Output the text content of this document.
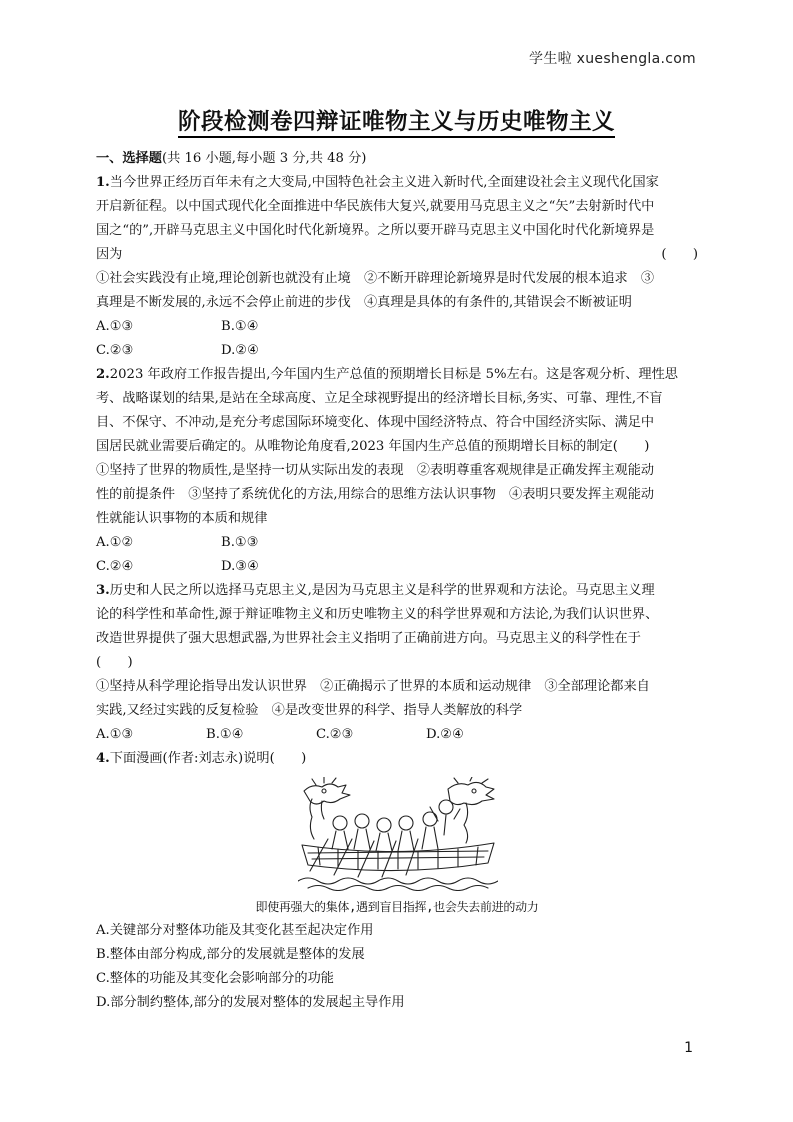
学生啦 xueshengla.com
阶段检测卷四辩证唯物主义与历史唯物主义
一、选择题(共 16 小题,每小题 3 分,共 48 分)
1.当今世界正经历百年未有之大变局,中国特色社会主义进入新时代,全面建设社会主义现代化国家
开启新征程。以中国式现代化全面推进中华民族伟大复兴,就要用马克思主义之“矢”去射新时代中
国之“的”,开辟马克思主义中国化时代化新境界。之所以要开辟马克思主义中国化时代化新境界是
因为	(　　)
①社会实践没有止境,理论创新也就没有止境　②不断开辟理论新境界是时代发展的根本追求　③
真理是不断发展的,永远不会停止前进的步伐　④真理是具体的有条件的,其错误会不断被证明
A.①③	B.①④
C.②③	D.②④
2.2023 年政府工作报告提出,今年国内生产总值的预期增长目标是 5%左右。这是客观分析、理性思
考、战略谋划的结果,是站在全球高度、立足全球视野提出的经济增长目标,务实、可靠、理性,不盲
目、不保守、不冲动,是充分考虑国际环境变化、体现中国经济特点、符合中国经济实际、满足中
国居民就业需要后确定的。从唯物论角度看,2023 年国内生产总值的预期增长目标的制定(　　)
①坚持了世界的物质性,是坚持一切从实际出发的表现　②表明尊重客观规律是正确发挥主观能动
性的前提条件　③坚持了系统优化的方法,用综合的思维方法认识事物　④表明只要发挥主观能动
性就能认识事物的本质和规律
A.①②	B.①③
C.②④	D.③④
3.历史和人民之所以选择马克思主义,是因为马克思主义是科学的世界观和方法论。马克思主义理
论的科学性和革命性,源于辩证唯物主义和历史唯物主义的科学世界观和方法论,为我们认识世界、
改造世界提供了强大思想武器,为世界社会主义指明了正确前进方向。马克思主义的科学性在于
(　　)
①坚持从科学理论指导出发认识世界　②正确揭示了世界的本质和运动规律　③全部理论都来自
实践,又经过实践的反复检验　④是改变世界的科学、指导人类解放的科学
A.①③	B.①④	C.②③	D.②④
4.下面漫画(作者:刘志永)说明(　　)
即使再强大的集体,遇到盲目指挥,也会失去前进的动力
A.关键部分对整体功能及其变化甚至起决定作用
B.整体由部分构成,部分的发展就是整体的发展
C.整体的功能及其变化会影响部分的功能
D.部分制约整体,部分的发展对整体的发展起主导作用
1
